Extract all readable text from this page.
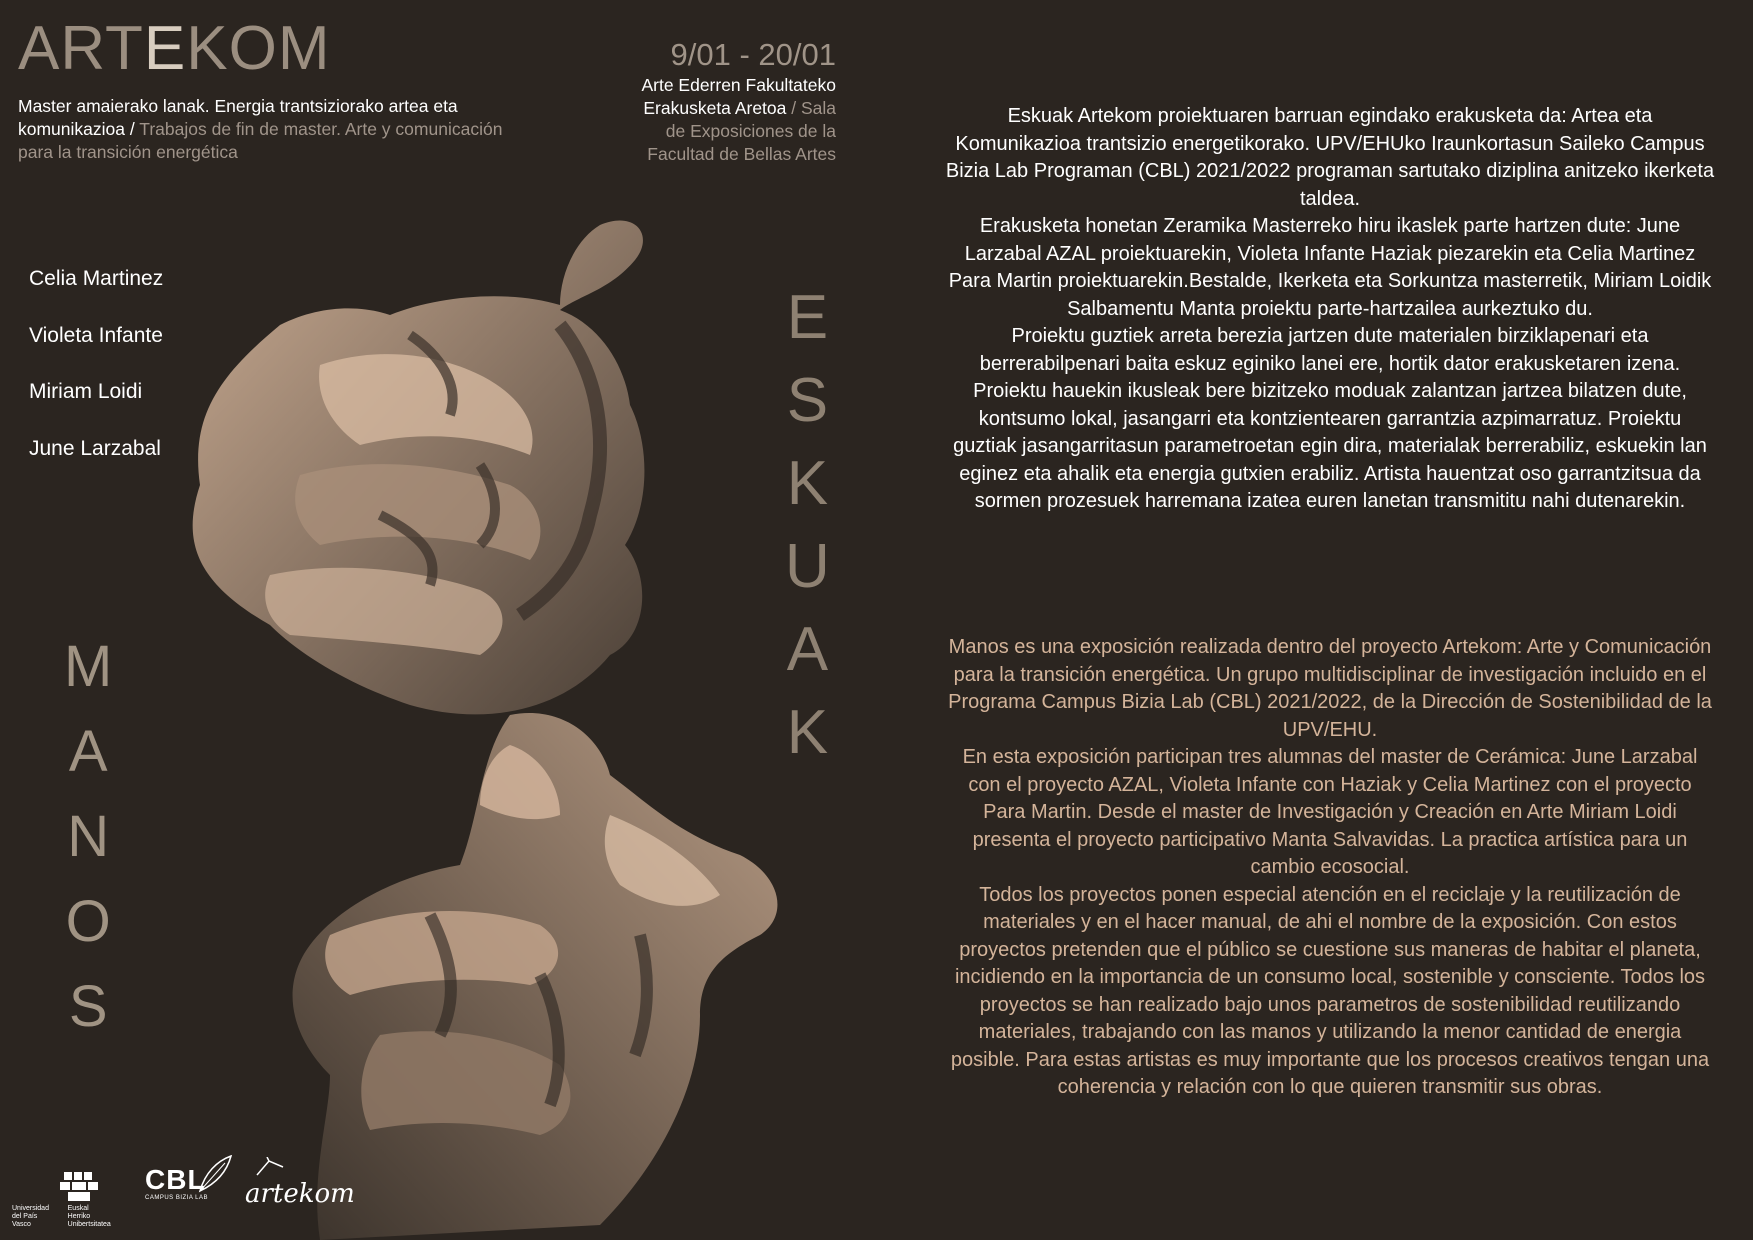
ARTEKOM
Master amaierako lanak. Energia trantsiziorako artea eta komunikazioa / Trabajos de fin de master. Arte y comunicación para la transición energética
9/01 - 20/01
Arte Ederren Fakultateko
Erakusketa Aretoa / Sala
de Exposiciones de la
Facultad de Bellas Artes
Celia Martinez
Violeta Infante
Miriam Loidi
June Larzabal
M
A
N
O
S
E
S
K
U
A
K

Eskuak Artekom proiektuaren barruan egindako erakusketa da: Artea eta Komunikazioa trantsizio energetikorako. UPV/EHUko Iraunkortasun Saileko Campus Bizia Lab Programan (CBL) 2021/2022 programan sartutako diziplina anitzeko ikerketa taldea.

Erakusketa honetan Zeramika Masterreko hiru ikaslek parte hartzen dute: June Larzabal AZAL proiektuarekin, Violeta Infante Haziak piezarekin eta Celia Martinez Para Martin proiektuarekin.Bestalde, Ikerketa eta Sorkuntza masterretik, Miriam Loidik Salbamentu Manta proiektu parte-hartzailea aurkeztuko du.

Proiektu guztiek arreta berezia jartzen dute materialen birziklapenari eta berrerabilpenari baita eskuz eginiko lanei ere, hortik dator erakusketaren izena. Proiektu hauekin ikusleak bere bizitzeko moduak zalantzan jartzea bilatzen dute, kontsumo lokal, jasangarri eta kontzientearen garrantzia azpimarratuz. Proiektu guztiak jasangarritasun parametroetan egin dira, materialak berrerabiliz, eskuekin lan eginez eta ahalik eta energia gutxien erabiliz. Artista hauentzat oso garrantzitsua da sormen prozesuek harremana izatea euren lanetan transmititu nahi dutenarekin.

Manos es una exposición realizada dentro del proyecto Artekom: Arte y Comunicación para la transición energética. Un grupo multidisciplinar de investigación incluido en el Programa Campus Bizia Lab (CBL) 2021/2022, de la Dirección de Sostenibilidad de la UPV/EHU.

En esta exposición participan tres alumnas del master de Cerámica: June Larzabal con el proyecto AZAL, Violeta Infante con Haziak y Celia Martinez con el proyecto Para Martin. Desde el master de Investigación y Creación en Arte Miriam Loidi presenta el proyecto participativo Manta Salvavidas. La practica artística para un cambio ecosocial.

Todos los proyectos ponen especial atención en el reciclaje y la reutilización de materiales y en el hacer manual, de ahi el nombre de la exposición. Con estos proyectos pretenden que el público se cuestione sus maneras de habitar el planeta, incidiendo en la importancia de un consumo local, sostenible y consciente. Todos los proyectos se han realizado bajo unos parametros de sostenibilidad reutilizando materiales, trabajando con las manos y utilizando la menor cantidad de energia posible. Para estas artistas es muy importante que los procesos creativos tengan una coherencia y relación con lo que quieren transmitir sus obras.

Universidad del País Vasco
Euskal Herriko Unibertsitatea
CBL
CAMPUS BIZIA LAB artekom
